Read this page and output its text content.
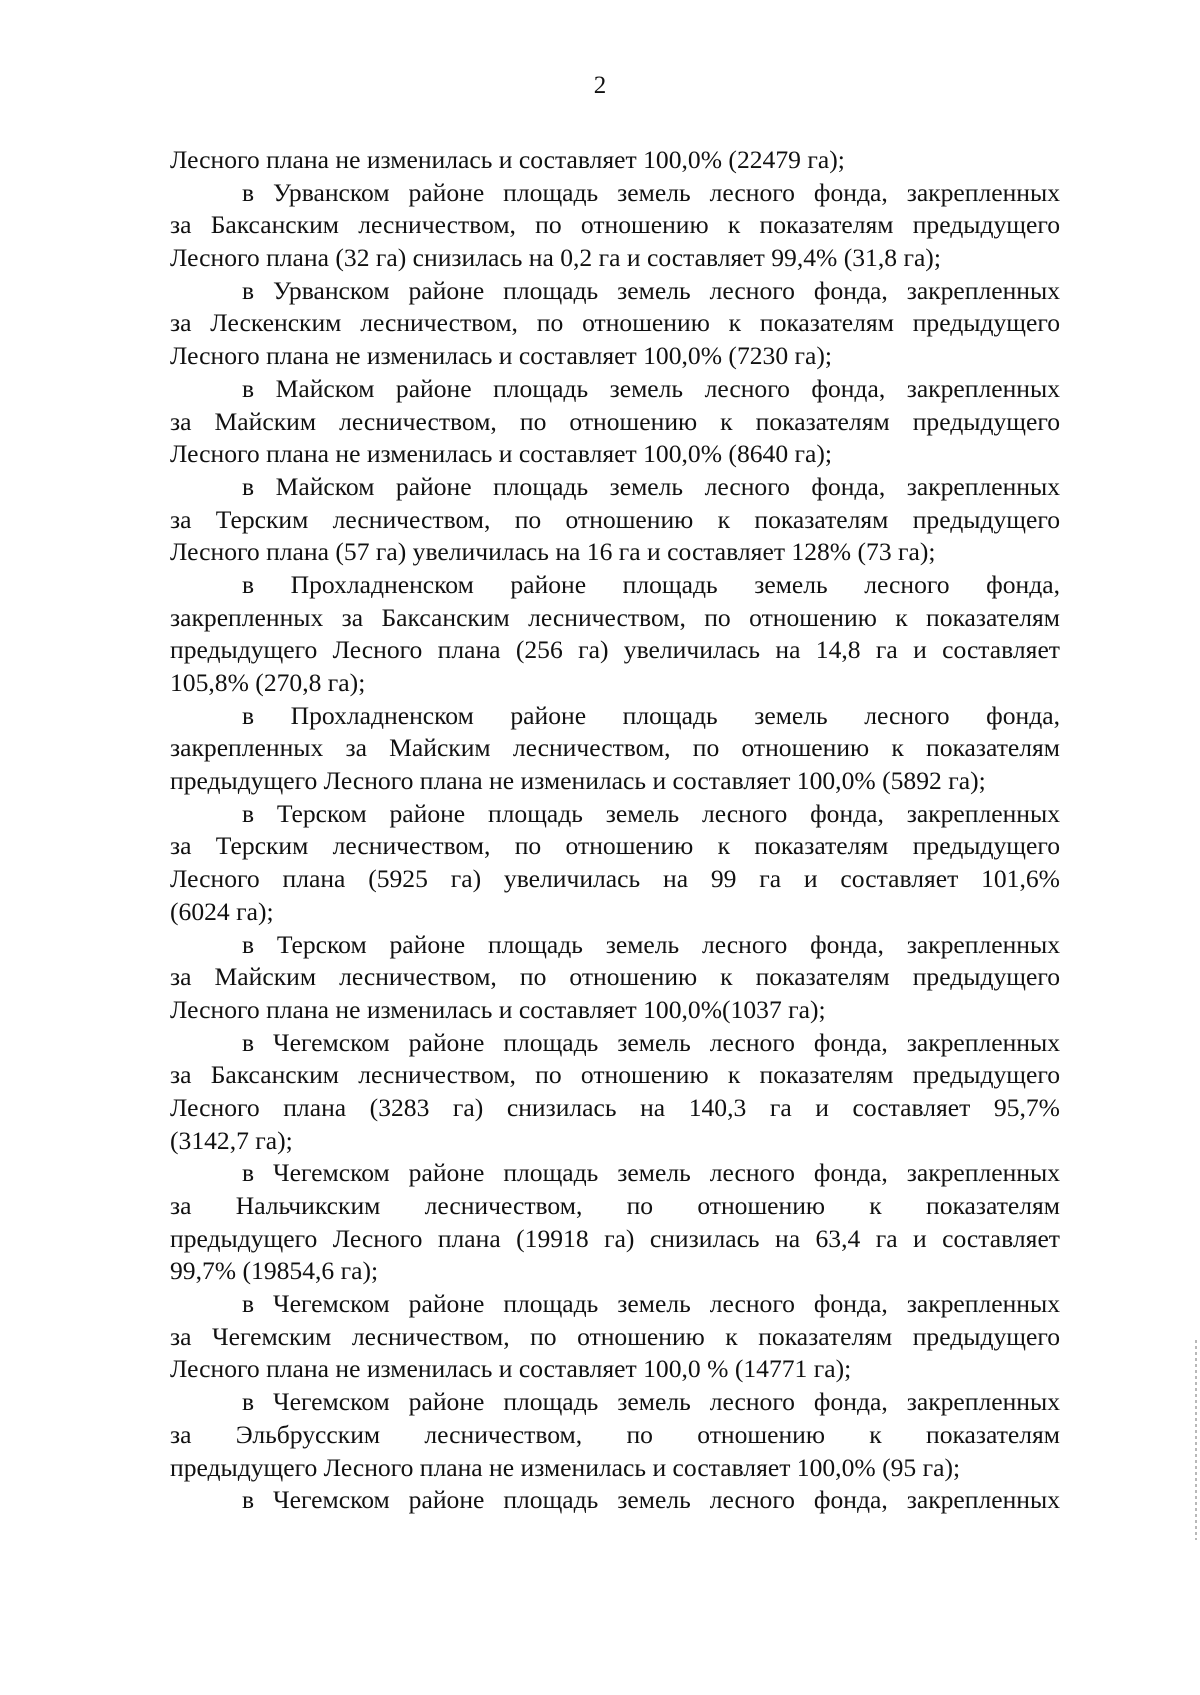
2
Лесного плана не изменилась и составляет 100,0% (22479 га);
в Урванском районе площадь земель лесного фонда, закрепленных
за Баксанским лесничеством, по отношению к показателям предыдущего
Лесного плана (32 га) снизилась на 0,2 га и составляет 99,4% (31,8 га);
в Урванском районе площадь земель лесного фонда, закрепленных
за Лескенским лесничеством, по отношению к показателям предыдущего
Лесного плана не изменилась и составляет 100,0% (7230 га);
в Майском районе площадь земель лесного фонда, закрепленных
за Майским лесничеством, по отношению к показателям предыдущего
Лесного плана не изменилась и составляет 100,0% (8640 га);
в Майском районе площадь земель лесного фонда, закрепленных
за Терским лесничеством, по отношению к показателям предыдущего
Лесного плана (57 га) увеличилась на 16 га и составляет 128% (73 га);
в Прохладненском районе площадь земель лесного фонда,
закрепленных за Баксанским лесничеством, по отношению к показателям
предыдущего Лесного плана (256 га) увеличилась на 14,8 га и составляет
105,8% (270,8 га);
в Прохладненском районе площадь земель лесного фонда,
закрепленных за Майским лесничеством, по отношению к показателям
предыдущего Лесного плана не изменилась и составляет 100,0% (5892 га);
в Терском районе площадь земель лесного фонда, закрепленных
за Терским лесничеством, по отношению к показателям предыдущего
Лесного плана (5925 га) увеличилась на 99 га и составляет 101,6%
(6024 га);
в Терском районе площадь земель лесного фонда, закрепленных
за Майским лесничеством, по отношению к показателям предыдущего
Лесного плана не изменилась и составляет 100,0%(1037 га);
в Чегемском районе площадь земель лесного фонда, закрепленных
за Баксанским лесничеством, по отношению к показателям предыдущего
Лесного плана (3283 га) снизилась на 140,3 га и составляет 95,7%
(3142,7 га);
в Чегемском районе площадь земель лесного фонда, закрепленных
за Нальчикским лесничеством, по отношению к показателям
предыдущего Лесного плана (19918 га) снизилась на 63,4 га и составляет
99,7% (19854,6 га);
в Чегемском районе площадь земель лесного фонда, закрепленных
за Чегемским лесничеством, по отношению к показателям предыдущего
Лесного плана не изменилась и составляет 100,0 % (14771 га);
в Чегемском районе площадь земель лесного фонда, закрепленных
за Эльбрусским лесничеством, по отношению к показателям
предыдущего Лесного плана не изменилась и составляет 100,0% (95 га);
в Чегемском районе площадь земель лесного фонда, закрепленных
